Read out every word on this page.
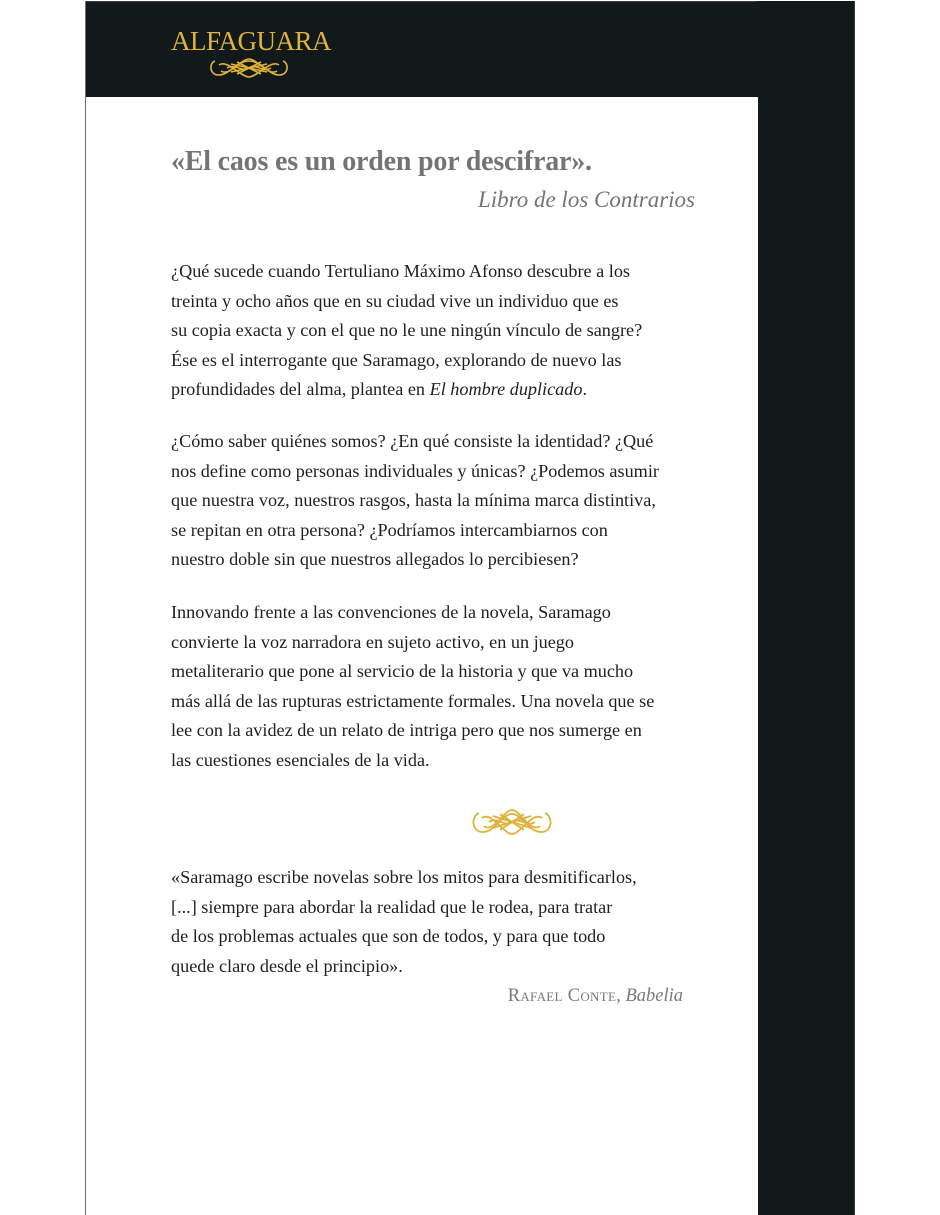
ALFAGUARA
«El caos es un orden por descifrar».
Libro de los Contrarios
¿Qué sucede cuando Tertuliano Máximo Afonso descubre a los
treinta y ocho años que en su ciudad vive un individuo que es
su copia exacta y con el que no le une ningún vínculo de sangre?
Ése es el interrogante que Saramago, explorando de nuevo las
profundidades del alma, plantea en El hombre duplicado.
¿Cómo saber quiénes somos? ¿En qué consiste la identidad? ¿Qué
nos define como personas individuales y únicas? ¿Podemos asumir
que nuestra voz, nuestros rasgos, hasta la mínima marca distintiva,
se repitan en otra persona? ¿Podríamos intercambiarnos con
nuestro doble sin que nuestros allegados lo percibiesen?
Innovando frente a las convenciones de la novela, Saramago
convierte la voz narradora en sujeto activo, en un juego
metaliterario que pone al servicio de la historia y que va mucho
más allá de las rupturas estrictamente formales. Una novela que se
lee con la avidez de un relato de intriga pero que nos sumerge en
las cuestiones esenciales de la vida.
«Saramago escribe novelas sobre los mitos para desmitificarlos,
[...] siempre para abordar la realidad que le rodea, para tratar
de los problemas actuales que son de todos, y para que todo
quede claro desde el principio».
Rafael Conte, Babelia
